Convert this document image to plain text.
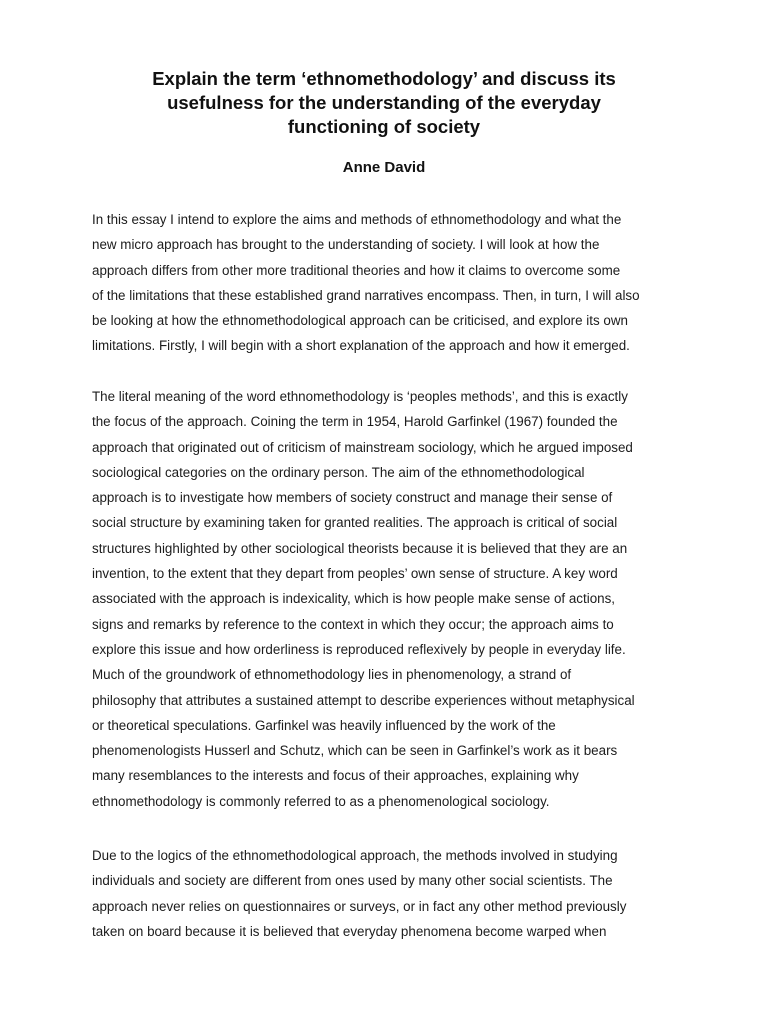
Explain the term ‘ethnomethodology’ and discuss its
usefulness for the understanding of the everyday
functioning of society
Anne David

In this essay I intend to explore the aims and methods of ethnomethodology and what the
new micro approach has brought to the understanding of society. I will look at how the
approach differs from other more traditional theories and how it claims to overcome some
of the limitations that these established grand narratives encompass. Then, in turn, I will also
be looking at how the ethnomethodological approach can be criticised, and explore its own
limitations. Firstly, I will begin with a short explanation of the approach and how it emerged.

The literal meaning of the word ethnomethodology is ‘peoples methods’, and this is exactly
the focus of the approach. Coining the term in 1954, Harold Garfinkel (1967) founded the
approach that originated out of criticism of mainstream sociology, which he argued imposed
sociological categories on the ordinary person. The aim of the ethnomethodological
approach is to investigate how members of society construct and manage their sense of
social structure by examining taken for granted realities. The approach is critical of social
structures highlighted by other sociological theorists because it is believed that they are an
invention, to the extent that they depart from peoples’ own sense of structure. A key word
associated with the approach is indexicality, which is how people make sense of actions,
signs and remarks by reference to the context in which they occur; the approach aims to
explore this issue and how orderliness is reproduced reflexively by people in everyday life.
Much of the groundwork of ethnomethodology lies in phenomenology, a strand of
philosophy that attributes a sustained attempt to describe experiences without metaphysical
or theoretical speculations. Garfinkel was heavily influenced by the work of the
phenomenologists Husserl and Schutz, which can be seen in Garfinkel’s work as it bears
many resemblances to the interests and focus of their approaches, explaining why
ethnomethodology is commonly referred to as a phenomenological sociology.

Due to the logics of the ethnomethodological approach, the methods involved in studying
individuals and society are different from ones used by many other social scientists. The
approach never relies on questionnaires or surveys, or in fact any other method previously
taken on board because it is believed that everyday phenomena become warped when
